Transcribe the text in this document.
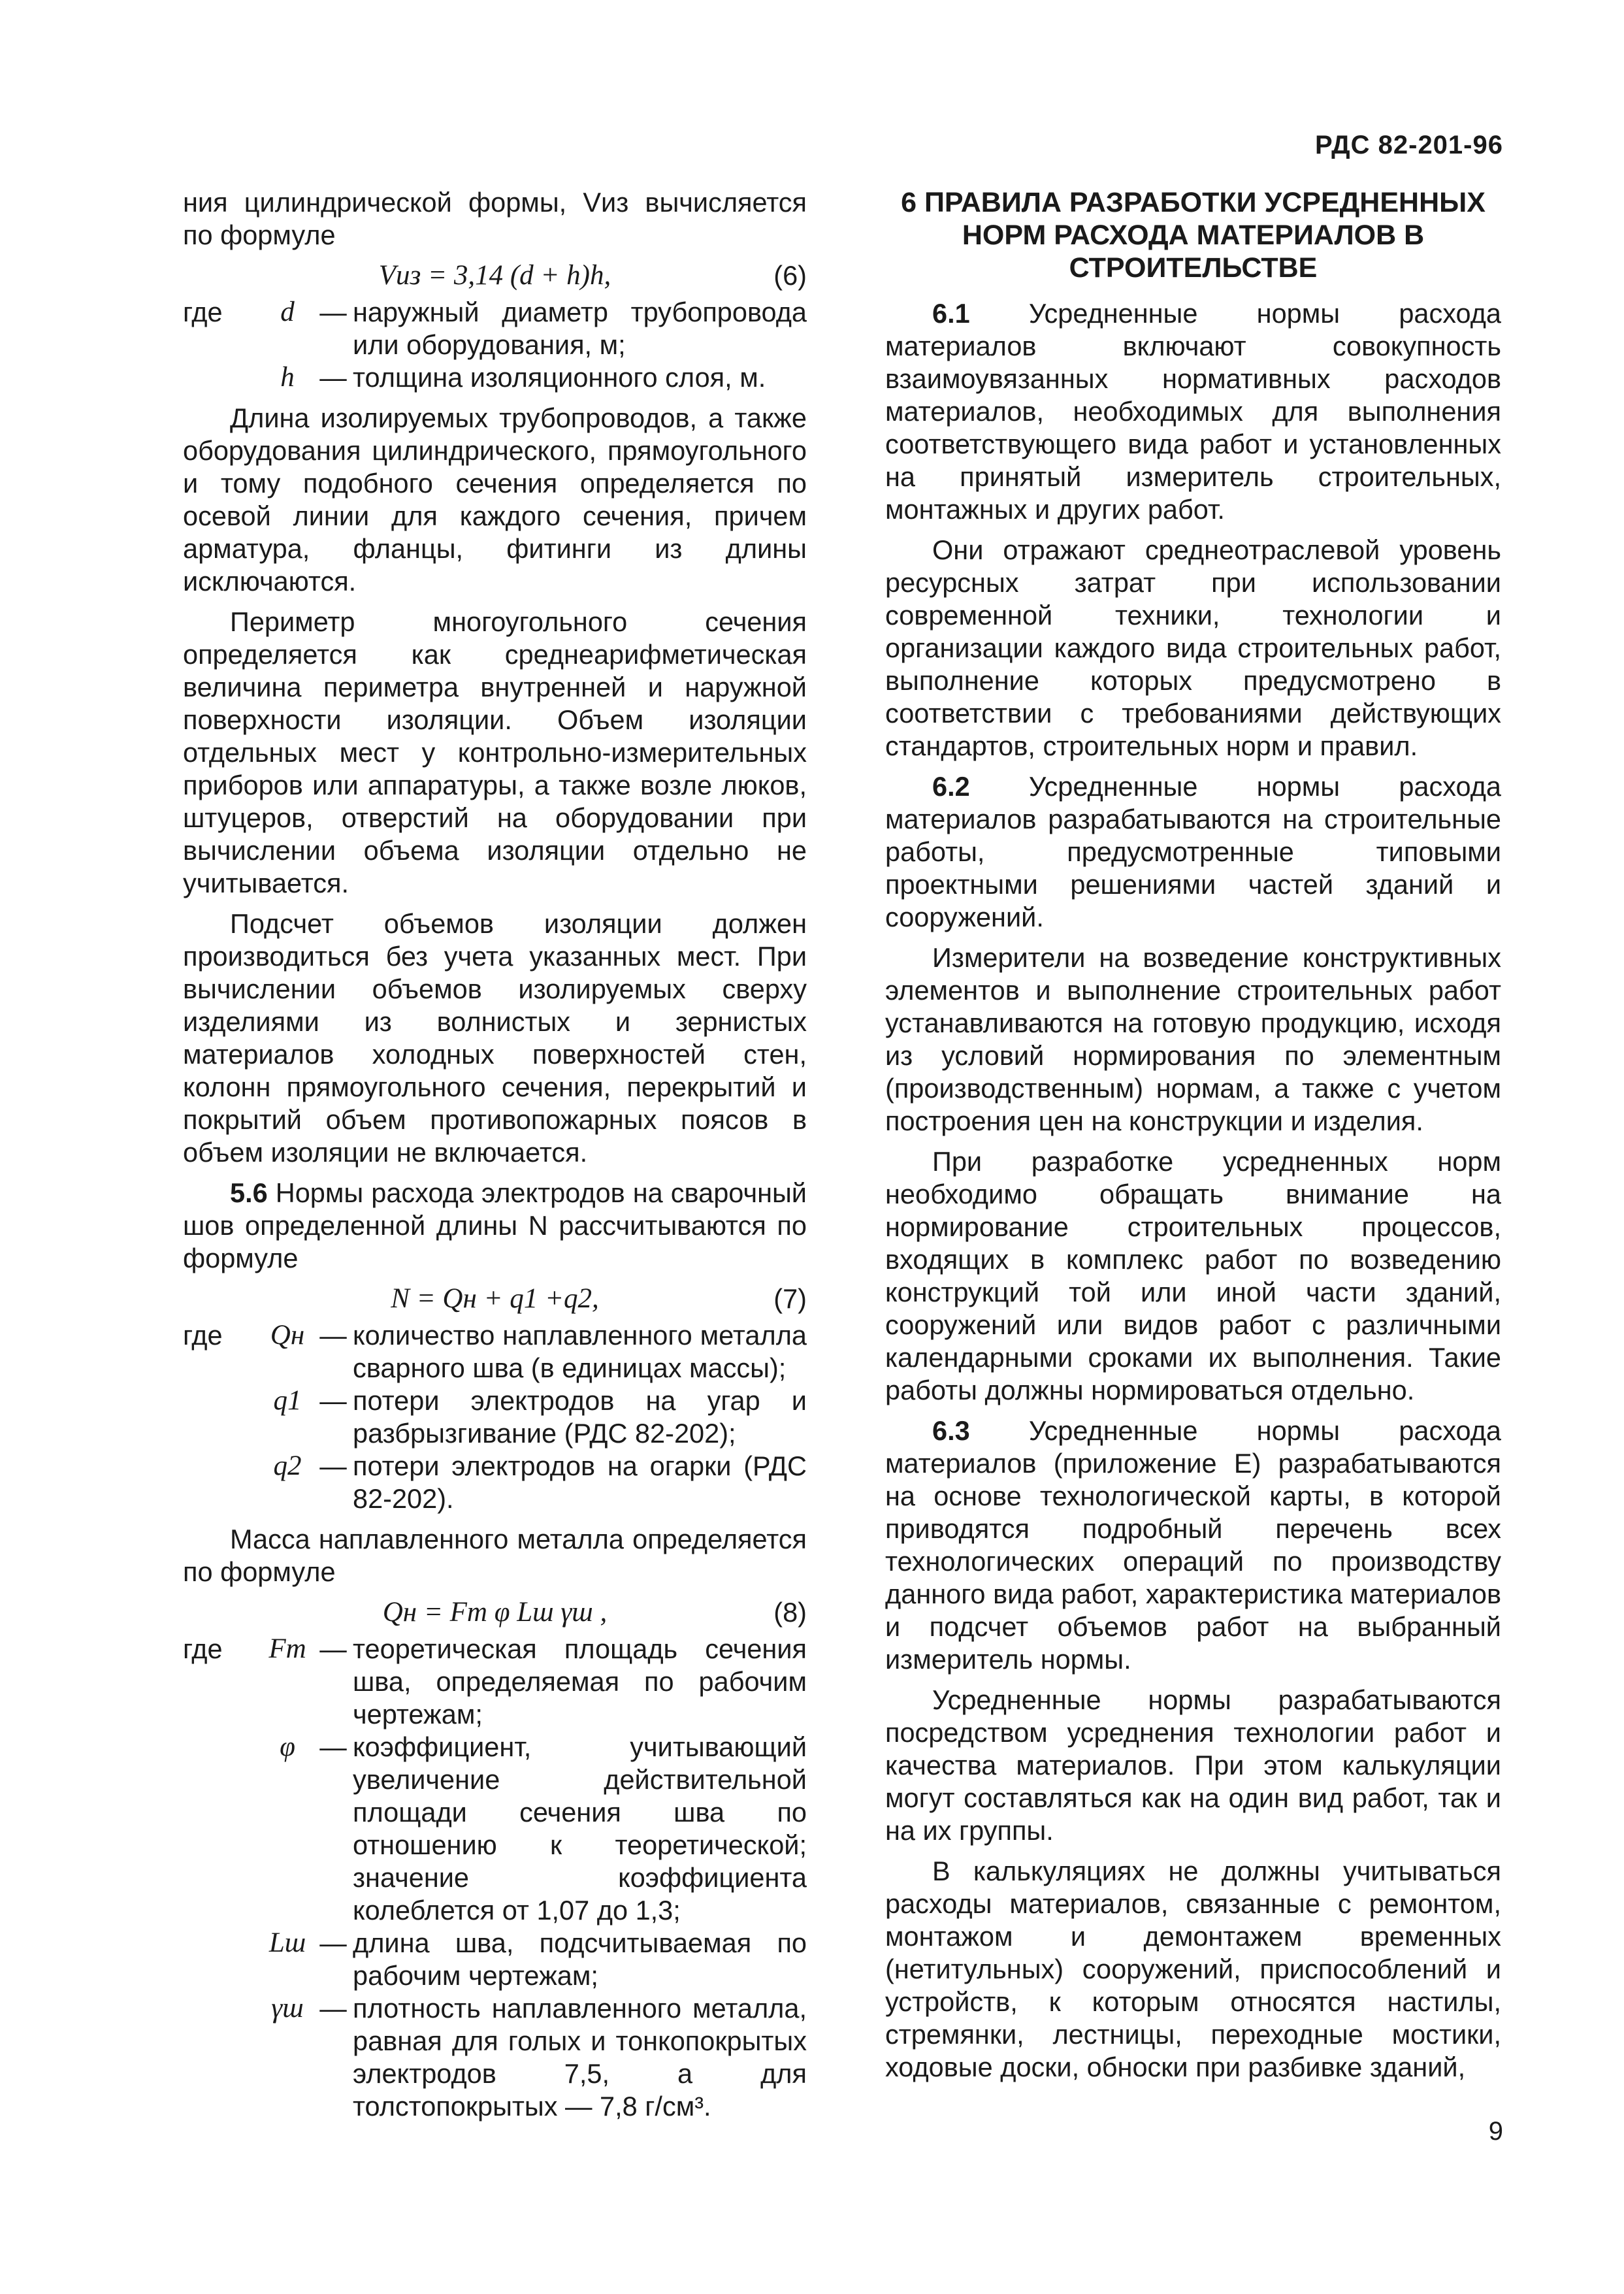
РДС 82-201-96

ния цилиндрической формы, Vиз вычисляется по формуле

Vиз = 3,14 (d + h)h,	(6)
где	d — наружный диаметр трубопровода или оборудования, м;
h — толщина изоляционного слоя, м.

Длина изолируемых трубопроводов, а также оборудования цилиндрического, прямоугольного и тому подобного сечения определяется по осевой линии для каждого сечения, причем арматура, фланцы, фитинги из длины исключаются.

Периметр многоугольного сечения определяется как среднеарифметическая величина периметра внутренней и наружной поверхности изоляции. Объем изоляции отдельных мест у контрольно-измерительных приборов или аппаратуры, а также возле люков, штуцеров, отверстий на оборудовании при вычислении объема изоляции отдельно не учитывается.

Подсчет объемов изоляции должен производиться без учета указанных мест. При вычислении объемов изолируемых сверху изделиями из волнистых и зернистых материалов холодных поверхностей стен, колонн прямоугольного сечения, перекрытий и покрытий объем противопожарных поясов в объем изоляции не включается.

5.6 Нормы расхода электродов на сварочный шов определенной длины N рассчитываются по формуле

N = Qн + q1 +q2,	(7)
где	Qн — количество наплавленного металла сварного шва (в единицах массы);
q1 — потери электродов на угар и разбрызгивание (РДС 82-202);
q2 — потери электродов на огарки (РДС 82-202).

Масса наплавленного металла определяется по формуле

Qн = Fт φ Lш γш ,	(8)
где	Fт — теоретическая площадь сечения шва, определяемая по рабочим чертежам;
φ — коэффициент, учитывающий увеличение действительной площади сечения шва по отношению к теоретической; значение коэффициента колеблется от 1,07 до 1,3;
Lш — длина шва, подсчитываемая по рабочим чертежам;
γш — плотность наплавленного металла, равная для голых и тонкопокрытых электродов 7,5, а для толстопокрытых — 7,8 г/см³.
6 ПРАВИЛА РАЗРАБОТКИ УСРЕДНЕННЫХ НОРМ РАСХОДА МАТЕРИАЛОВ В СТРОИТЕЛЬСТВЕ

6.1 Усредненные нормы расхода материалов включают совокупность взаимоувязанных нормативных расходов материалов, необходимых для выполнения соответствующего вида работ и установленных на принятый измеритель строительных, монтажных и других работ.

Они отражают среднеотраслевой уровень ресурсных затрат при использовании современной техники, технологии и организации каждого вида строительных работ, выполнение которых предусмотрено в соответствии с требованиями действующих стандартов, строительных норм и правил.

6.2 Усредненные нормы расхода материалов разрабатываются на строительные работы, предусмотренные типовыми проектными решениями частей зданий и сооружений.

Измерители на возведение конструктивных элементов и выполнение строительных работ устанавливаются на готовую продукцию, исходя из условий нормирования по элементным (производственным) нормам, а также с учетом построения цен на конструкции и изделия.

При разработке усредненных норм необходимо обращать внимание на нормирование строительных процессов, входящих в комплекс работ по возведению конструкций той или иной части зданий, сооружений или видов работ с различными календарными сроками их выполнения. Такие работы должны нормироваться отдельно.

6.3 Усредненные нормы расхода материалов (приложение Е) разрабатываются на основе технологической карты, в которой приводятся подробный перечень всех технологических операций по производству данного вида работ, характеристика материалов и подсчет объемов работ на выбранный измеритель нормы.

Усредненные нормы разрабатываются посредством усреднения технологии работ и качества материалов. При этом калькуляции могут составляться как на один вид работ, так и на их группы.

В калькуляциях не должны учитываться расходы материалов, связанные с ремонтом, монтажом и демонтажем временных (нетитульных) сооружений, приспособлений и устройств, к которым относятся настилы, стремянки, лестницы, переходные мостики, ходовые доски, обноски при разбивке зданий,

9
